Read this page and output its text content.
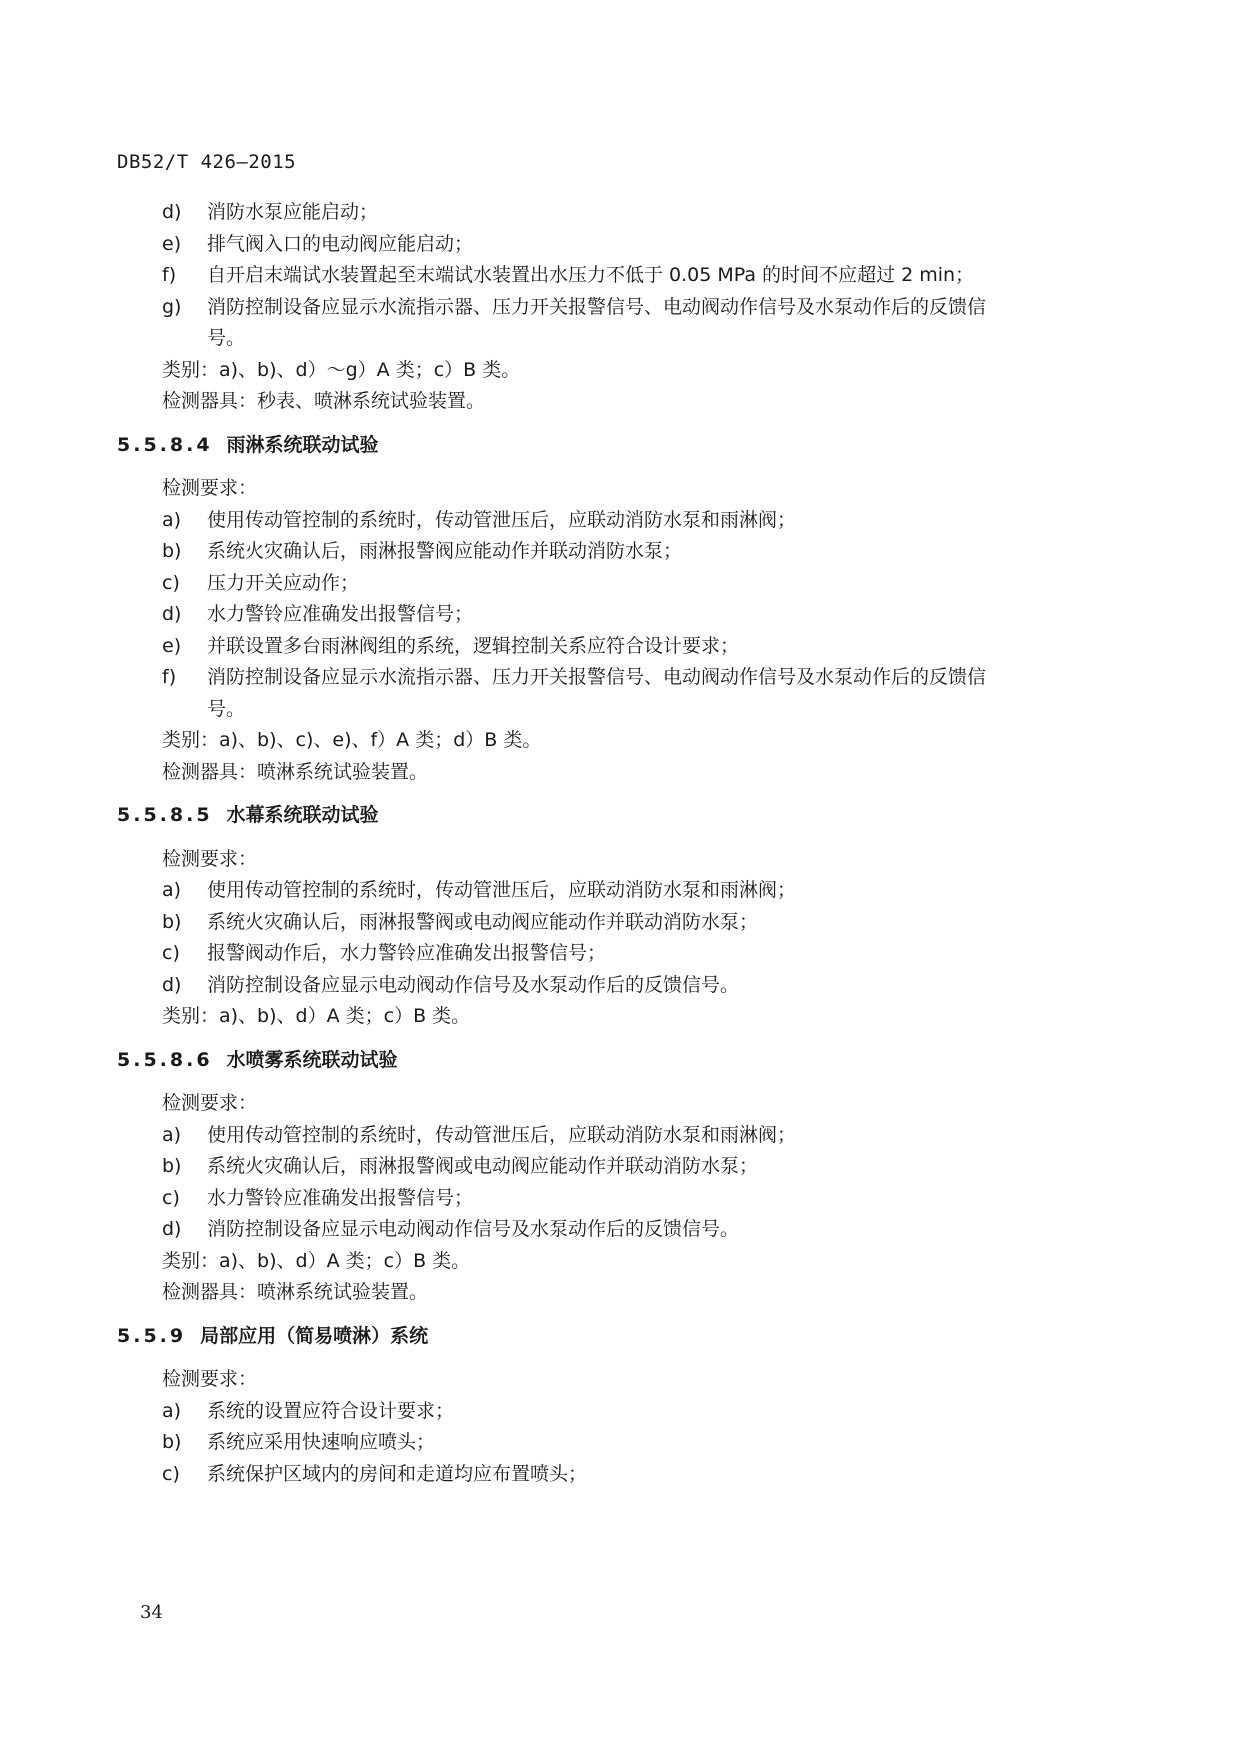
DB52/T 426—2015
d)	消防水泵应能启动；
e)	排气阀入口的电动阀应能启动；
f)	自开启末端试水装置起至末端试水装置出水压力不低于 0.05 MPa 的时间不应超过 2 min；
g)	消防控制设备应显示水流指示器、压力开关报警信号、电动阀动作信号及水泵动作后的反馈信
号。
类别：a)、b)、d）～g）A 类；c）B 类。
检测器具：秒表、喷淋系统试验装置。
5.5.8.4 雨淋系统联动试验
检测要求：
a)	使用传动管控制的系统时，传动管泄压后，应联动消防水泵和雨淋阀；
b)	系统火灾确认后，雨淋报警阀应能动作并联动消防水泵；
c)	压力开关应动作；
d)	水力警铃应准确发出报警信号；
e)	并联设置多台雨淋阀组的系统，逻辑控制关系应符合设计要求；
f)	消防控制设备应显示水流指示器、压力开关报警信号、电动阀动作信号及水泵动作后的反馈信
号。
类别：a)、b)、c)、e)、f）A 类；d）B 类。
检测器具：喷淋系统试验装置。
5.5.8.5 水幕系统联动试验
检测要求：
a)	使用传动管控制的系统时，传动管泄压后，应联动消防水泵和雨淋阀；
b)	系统火灾确认后，雨淋报警阀或电动阀应能动作并联动消防水泵；
c)	报警阀动作后，水力警铃应准确发出报警信号；
d)	消防控制设备应显示电动阀动作信号及水泵动作后的反馈信号。
类别：a)、b)、d）A 类；c）B 类。
5.5.8.6 水喷雾系统联动试验
检测要求：
a)	使用传动管控制的系统时，传动管泄压后，应联动消防水泵和雨淋阀；
b)	系统火灾确认后，雨淋报警阀或电动阀应能动作并联动消防水泵；
c)	水力警铃应准确发出报警信号；
d)	消防控制设备应显示电动阀动作信号及水泵动作后的反馈信号。
类别：a)、b)、d）A 类；c）B 类。
检测器具：喷淋系统试验装置。
5.5.9 局部应用（简易喷淋）系统
检测要求：
a)	系统的设置应符合设计要求；
b)	系统应采用快速响应喷头；
c)	系统保护区域内的房间和走道均应布置喷头；
34
